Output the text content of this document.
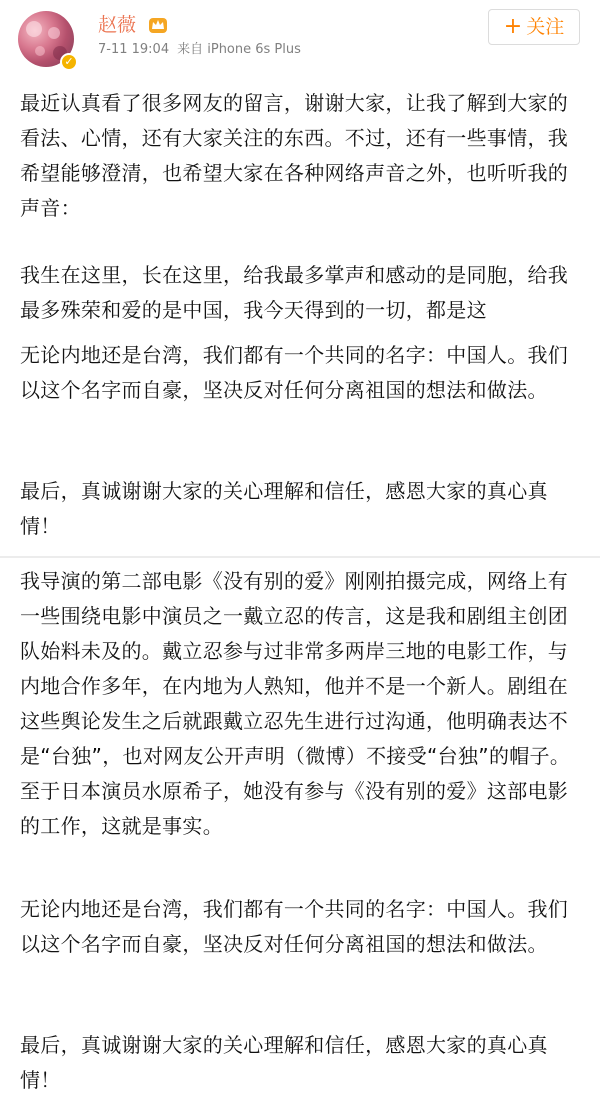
✓
赵薇
7-11 19:04 来自 iPhone 6s Plus
+ 关注

最近认真看了很多网友的留言，谢谢大家，让我了解到大家的看法、心情，还有大家关注的东西。不过，还有一些事情，我希望能够澄清，也希望大家在各种网络声音之外，也听听我的声音：

我生在这里，长在这里，给我最多掌声和感动的是同胞，给我最多殊荣和爱的是中国，我今天得到的一切，都是这

无论内地还是台湾，我们都有一个共同的名字：中国人。我们以这个名字而自豪，坚决反对任何分离祖国的想法和做法。

最后，真诚谢谢大家的关心理解和信任，感恩大家的真心真情！

我导演的第二部电影《没有别的爱》刚刚拍摄完成，网络上有一些围绕电影中演员之一戴立忍的传言，这是我和剧组主创团队始料未及的。戴立忍参与过非常多两岸三地的电影工作，与内地合作多年，在内地为人熟知，他并不是一个新人。剧组在这些舆论发生之后就跟戴立忍先生进行过沟通，他明确表达不是“台独”，也对网友公开声明（微博）不接受“台独”的帽子。至于日本演员水原希子，她没有参与《没有别的爱》这部电影的工作，这就是事实。

无论内地还是台湾，我们都有一个共同的名字：中国人。我们以这个名字而自豪，坚决反对任何分离祖国的想法和做法。

最后，真诚谢谢大家的关心理解和信任，感恩大家的真心真情！
